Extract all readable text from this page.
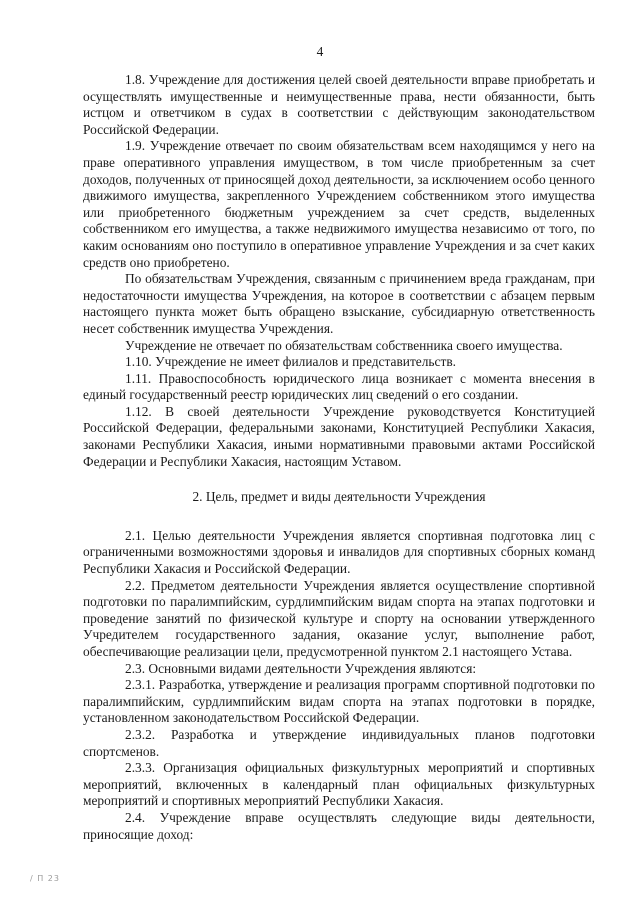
4

1.8. Учреждение для достижения целей своей деятельности вправе приобретать и осуществлять имущественные и неимущественные права, нести обязанности, быть истцом и ответчиком в судах в соответствии с действующим законодательством Российской Федерации.

1.9. Учреждение отвечает по своим обязательствам всем находящимся у него на праве оперативного управления имуществом, в том числе приобретенным за счет доходов, полученных от приносящей доход деятельности, за исключением особо ценного движимого имущества, закрепленного Учреждением собственником этого имущества или приобретенного бюджетным учреждением за счет средств, выделенных собственником его имущества, а также недвижимого имущества независимо от того, по каким основаниям оно поступило в оперативное управление Учреждения и за счет каких средств оно приобретено.

По обязательствам Учреждения, связанным с причинением вреда гражданам, при недостаточности имущества Учреждения, на которое в соответствии с абзацем первым настоящего пункта может быть обращено взыскание, субсидиарную ответственность несет собственник имущества Учреждения.

Учреждение не отвечает по обязательствам собственника своего имущества.

1.10. Учреждение не имеет филиалов и представительств.

1.11. Правоспособность юридического лица возникает с момента внесения в единый государственный реестр юридических лиц сведений о его создании.

1.12. В своей деятельности Учреждение руководствуется Конституцией Российской Федерации, федеральными законами, Конституцией Республики Хакасия, законами Республики Хакасия, иными нормативными правовыми актами Российской Федерации и Республики Хакасия, настоящим Уставом.

2. Цель, предмет и виды деятельности Учреждения

2.1. Целью деятельности Учреждения является спортивная подготовка лиц с ограниченными возможностями здоровья и инвалидов для спортивных сборных команд Республики Хакасия и Российской Федерации.

2.2. Предметом деятельности Учреждения является осуществление спортивной подготовки по паралимпийским, сурдлимпийским видам спорта на этапах подготовки и проведение занятий по физической культуре и спорту на основании утвержденного Учредителем государственного задания, оказание услуг, выполнение работ, обеспечивающие реализации цели, предусмотренной пунктом 2.1 настоящего Устава.

2.3. Основными видами деятельности Учреждения являются:

2.3.1. Разработка, утверждение и реализация программ спортивной подготовки по паралимпийским, сурдлимпийским видам спорта на этапах подготовки в порядке, установленном законодательством Российской Федерации.

2.3.2. Разработка и утверждение индивидуальных планов подготовки спортсменов.

2.3.3. Организация официальных физкультурных мероприятий и спортивных мероприятий, включенных в календарный план официальных физкультурных мероприятий и спортивных мероприятий Республики Хакасия.

2.4. Учреждение вправе осуществлять следующие виды деятельности, приносящие доход:

/ П 23
